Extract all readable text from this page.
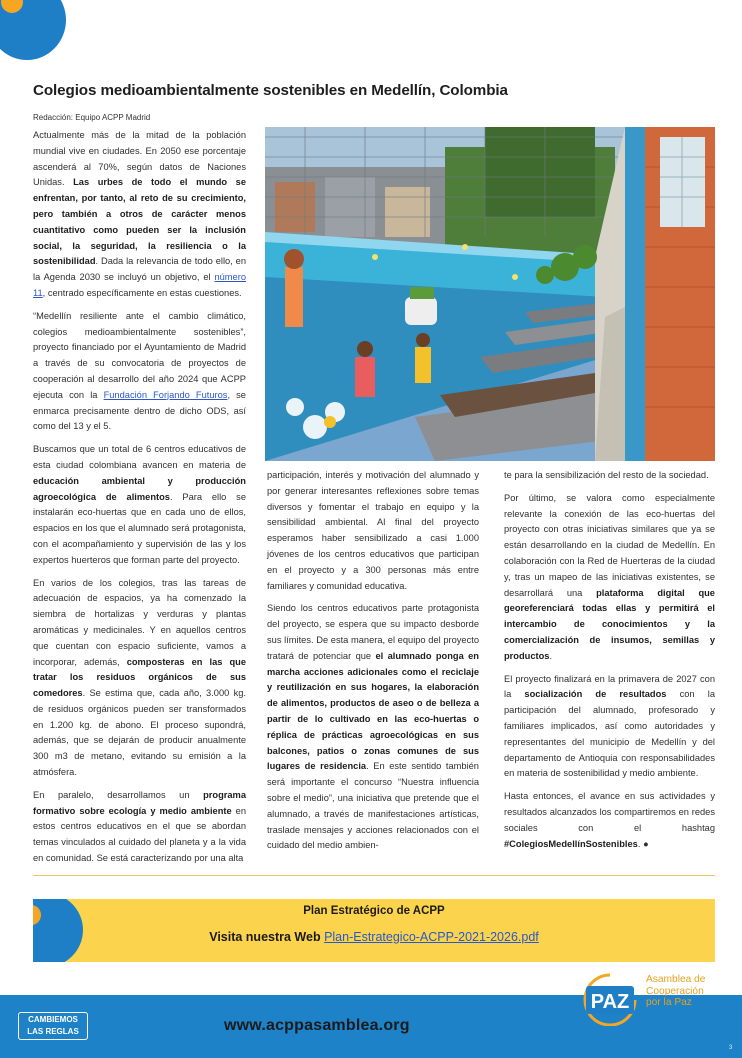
Colegios medioambientalmente sostenibles en Medellín, Colombia
Redacción: Equipo ACPP Madrid

Actualmente más de la mitad de la población mundial vive en ciudades. En 2050 ese porcentaje ascenderá al 70%, según datos de Naciones Unidas. Las urbes de todo el mundo se enfrentan, por tanto, al reto de su crecimiento, pero también a otros de carácter menos cuantitativo como pueden ser la inclusión social, la seguridad, la resiliencia o la sostenibilidad. Dada la relevancia de todo ello, en la Agenda 2030 se incluyó un objetivo, el número 11, centrado específicamente en estas cuestiones.

“Medellín resiliente ante el cambio climático, colegios medioambientalmente sostenibles”, proyecto financiado por el Ayuntamiento de Madrid a través de su convocatoria de proyectos de cooperación al desarrollo del año 2024 que ACPP ejecuta con la Fundación Forjando Futuros, se enmarca precisamente dentro de dicho ODS, así como del 13 y el 5.

Buscamos que un total de 6 centros educativos de esta ciudad colombiana avancen en materia de educación ambiental y producción agroecológica de alimentos. Para ello se instalarán eco-huertas que en cada uno de ellos, espacios en los que el alumnado será protagonista, con el acompañamiento y supervisión de las y los expertos huerteros que forman parte del proyecto.

En varios de los colegios, tras las tareas de adecuación de espacios, ya ha comenzado la siembra de hortalizas y verduras y plantas aromáticas y medicinales. Y en aquellos centros que cuentan con espacio suficiente, vamos a incorporar, además, composteras en las que tratar los residuos orgánicos de sus comedores. Se estima que, cada año, 3.000 kg. de residuos orgánicos pueden ser transformados en 1.200 kg. de abono. El proceso supondrá, además, que se dejarán de producir anualmente 300 m3 de metano, evitando su emisión a la atmósfera.

En paralelo, desarrollamos un programa formativo sobre ecología y medio ambiente en estos centros educativos en el que se abordan temas vinculados al cuidado del planeta y a la vida en comunidad. Se está caracterizando por una alta

participación, interés y motivación del alumnado y por generar interesantes reflexiones sobre temas diversos y fomentar el trabajo en equipo y la sensibilidad ambiental. Al final del proyecto esperamos haber sensibilizado a casi 1.000 jóvenes de los centros educativos que participan en el proyecto y a 300 personas más entre familiares y comunidad educativa.

Siendo los centros educativos parte protagonista del proyecto, se espera que su impacto desborde sus límites. De esta manera, el equipo del proyecto tratará de potenciar que el alumnado ponga en marcha acciones adicionales como el reciclaje y reutilización en sus hogares, la elaboración de alimentos, productos de aseo o de belleza a partir de lo cultivado en las eco-huertas o réplica de prácticas agroecológicas en sus balcones, patios o zonas comunes de sus lugares de residencia. En este sentido también será importante el concurso “Nuestra influencia sobre el medio”, una iniciativa que pretende que el alumnado, a través de manifestaciones artísticas, traslade mensajes y acciones relacionados con el cuidado del medio ambien-

te para la sensibilización del resto de la sociedad.

Por último, se valora como especialmente relevante la conexión de las eco-huertas del proyecto con otras iniciativas similares que ya se están desarrollando en la ciudad de Medellín. En colaboración con la Red de Huerteras de la ciudad y, tras un mapeo de las iniciativas existentes, se desarrollará una plataforma digital que georeferenciará todas ellas y permitirá el intercambio de conocimientos y la comercialización de insumos, semillas y productos.

El proyecto finalizará en la primavera de 2027 con la socialización de resultados con la participación del alumnado, profesorado y familiares implicados, así como autoridades y representantes del municipio de Medellín y del departamento de Antioquia con responsabilidades en materia de sostenibilidad y medio ambiente.

Hasta entonces, el avance en sus actividades y resultados alcanzados los compartiremos en redes sociales con el hashtag #ColegiosMedellínSostenibles. ●

Plan Estratégico de ACPP
Visita nuestra Web Plan-Estrategico-ACPP-2021-2026.pdf
CAMBIEMOS
LAS REGLAS	www.acppasamblea.org
PAZ
Asamblea de
Cooperación
por la Paz
3
